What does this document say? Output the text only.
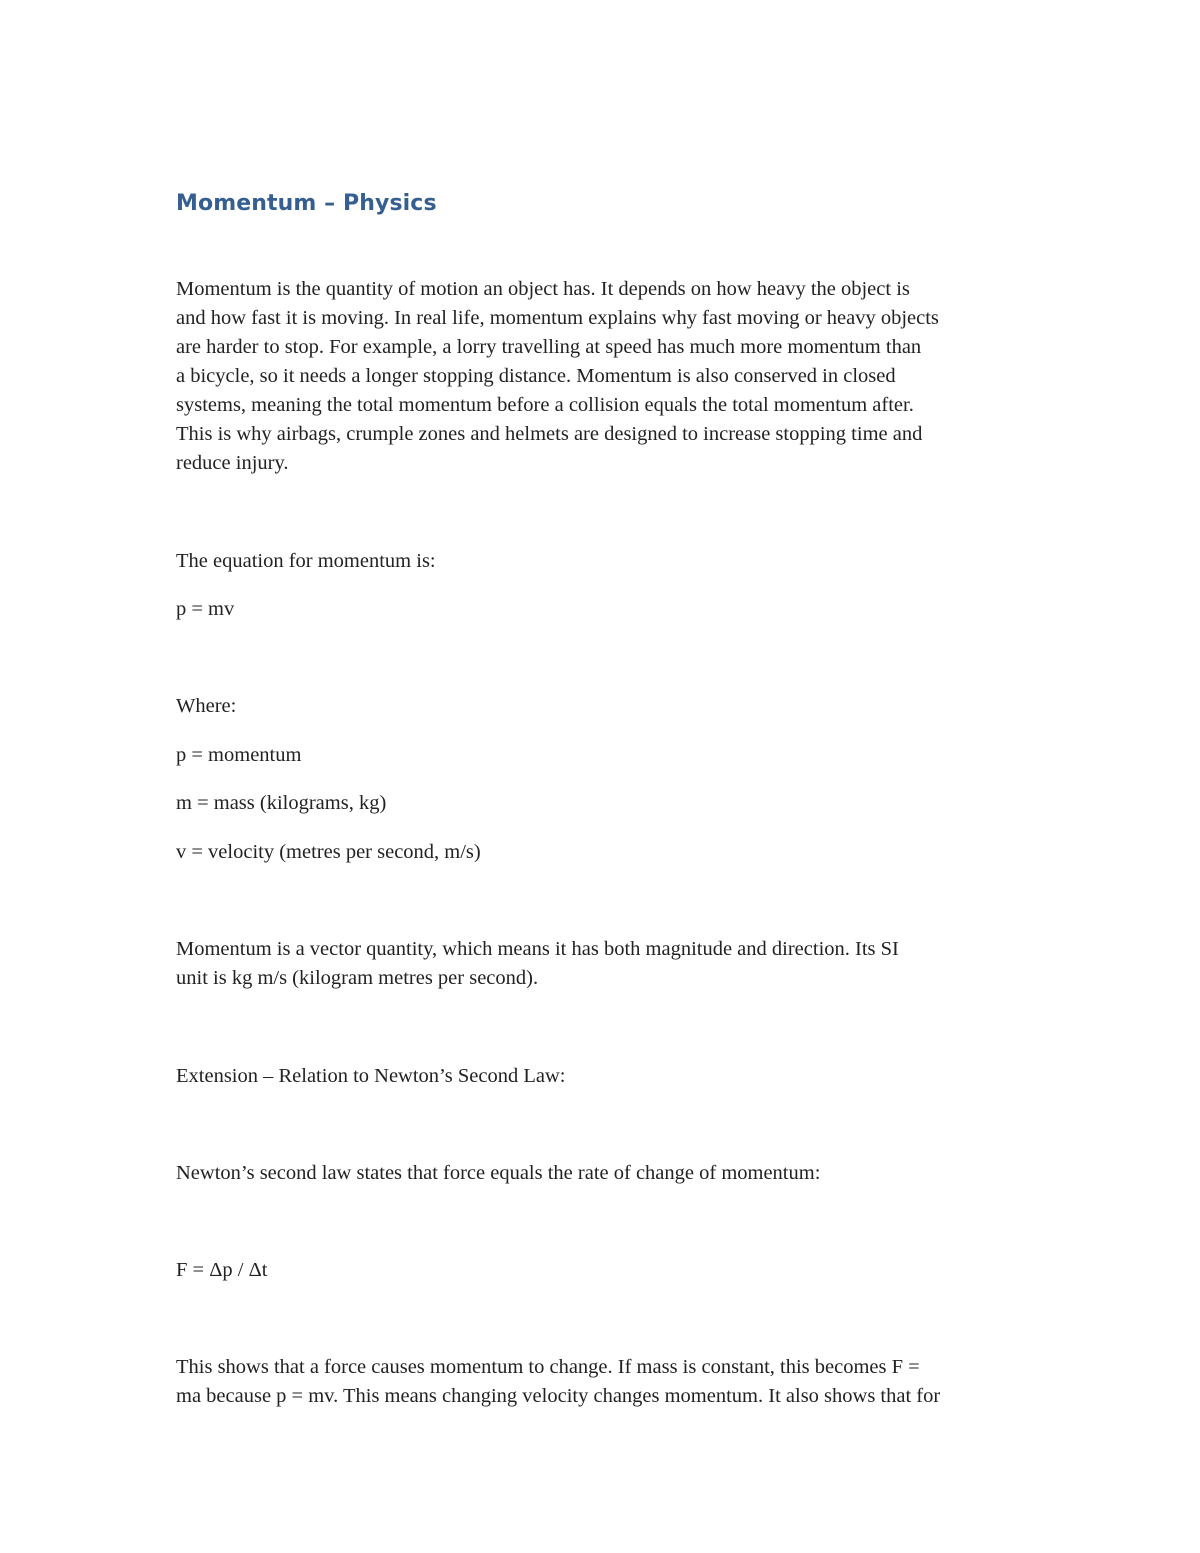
Momentum – Physics
Momentum is the quantity of motion an object has. It depends on how heavy the object is
and how fast it is moving. In real life, momentum explains why fast moving or heavy objects
are harder to stop. For example, a lorry travelling at speed has much more momentum than
a bicycle, so it needs a longer stopping distance. Momentum is also conserved in closed
systems, meaning the total momentum before a collision equals the total momentum after.
This is why airbags, crumple zones and helmets are designed to increase stopping time and
reduce injury.

The equation for momentum is:

p = mv

Where:

p = momentum

m = mass (kilograms, kg)

v = velocity (metres per second, m/s)

Momentum is a vector quantity, which means it has both magnitude and direction. Its SI
unit is kg m/s (kilogram metres per second).

Extension – Relation to Newton’s Second Law:

Newton’s second law states that force equals the rate of change of momentum:

F = Δp / Δt

This shows that a force causes momentum to change. If mass is constant, this becomes F =
ma because p = mv. This means changing velocity changes momentum. It also shows that for
